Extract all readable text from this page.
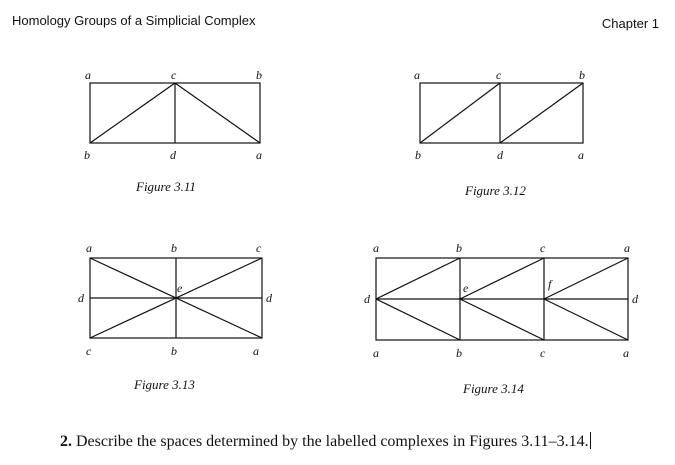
Homology Groups of a Simplicial Complex	Chapter 1
a	c	b
b	d	a
Figure 3.11
a	c	b
b	d	a
Figure 3.12
a	b	c
d
e
d
c	b	a
Figure 3.13
a	b	c	a
d
e	f
d
a	b	c	a
Figure 3.14
2. Describe the spaces determined by the labelled complexes in Figures 3.11–3.14.
